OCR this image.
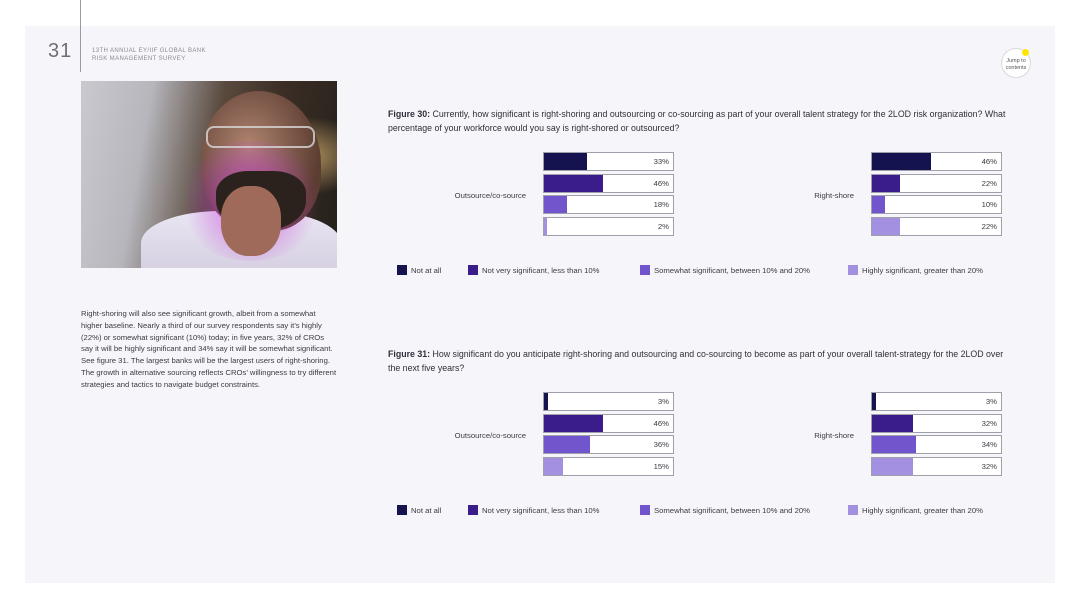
31	13TH ANNUAL EY/IIF GLOBAL BANK
RISK MANAGEMENT SURVEY	Jump to
contents
Right-shoring will also see significant growth, albeit from a somewhat higher baseline. Nearly a third of our survey respondents say it’s highly (22%) or somewhat significant (10%) today; in five years, 32% of CROs say it will be highly significant and 34% say it will be somewhat significant. See figure 31. The largest banks will be the largest users of right-shoring. The growth in alternative sourcing reflects CROs’ willingness to try different strategies and tactics to navigate budget constraints.
Figure 30: Currently, how significant is right-shoring and outsourcing or co-sourcing as part of your overall talent strategy for the 2LOD risk organization? What percentage of your workforce would you say is right-shored or outsourced?
Outsource/co-source
33%
46%
18%
2%
Right-shore
46%
22%
10%
22%
Not at all	Not very significant, less than 10%	Somewhat significant, between 10% and 20%	Highly significant, greater than 20%
Figure 31: How significant do you anticipate right-shoring and outsourcing and co-sourcing to become as part of your overall talent-strategy for the 2LOD over the next five years?
Outsource/co-source
3%
46%
36%
15%
Right-shore
3%
32%
34%
32%
Not at all	Not very significant, less than 10%	Somewhat significant, between 10% and 20%	Highly significant, greater than 20%
